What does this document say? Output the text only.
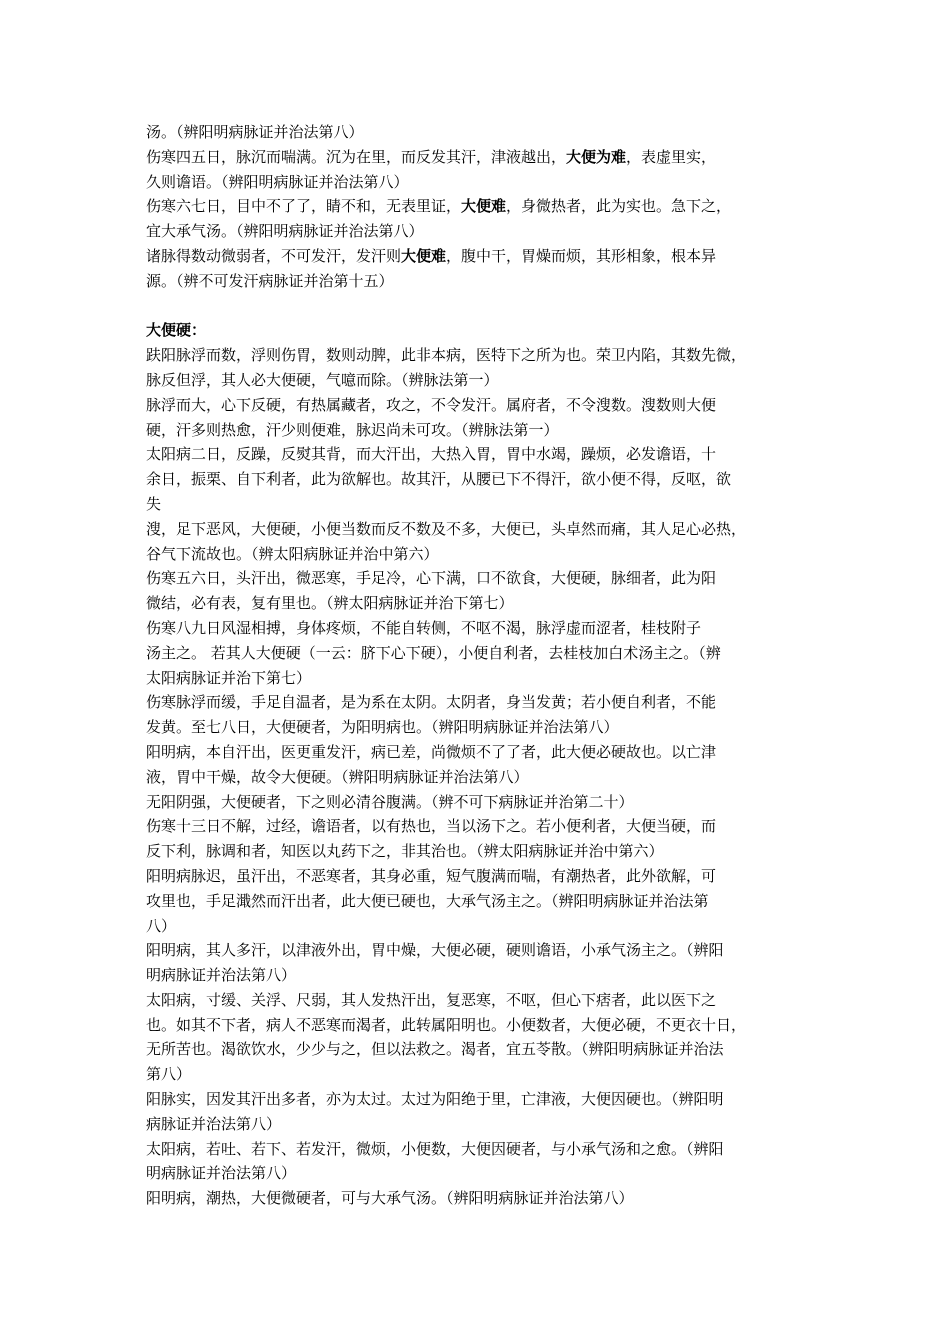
汤。（辨阳明病脉证并治法第八）
伤寒四五日，脉沉而喘满。沉为在里，而反发其汗，津液越出，大便为难，表虚里实，
久则谵语。（辨阳明病脉证并治法第八）
伤寒六七日，目中不了了，睛不和，无表里证，大便难，身微热者，此为实也。急下之，
宜大承气汤。（辨阳明病脉证并治法第八）
诸脉得数动微弱者，不可发汗，发汗则大便难，腹中干，胃燥而烦，其形相象，根本异
源。（辨不可发汗病脉证并治第十五）
大便硬：
趺阳脉浮而数，浮则伤胃，数则动脾，此非本病，医特下之所为也。荣卫内陷，其数先微，
脉反但浮，其人必大便硬，气噫而除。（辨脉法第一）
脉浮而大，心下反硬，有热属藏者，攻之，不令发汗。属府者，不令溲数。溲数则大便
硬，汗多则热愈，汗少则便难，脉迟尚未可攻。（辨脉法第一）
太阳病二日，反躁，反熨其背，而大汗出，大热入胃，胃中水竭，躁烦，必发谵语，十
余日，振栗、自下利者，此为欲解也。故其汗，从腰已下不得汗，欲小便不得，反呕，欲
失
溲，足下恶风，大便硬，小便当数而反不数及不多，大便已，头卓然而痛，其人足心必热，
谷气下流故也。（辨太阳病脉证并治中第六）
伤寒五六日，头汗出，微恶寒，手足冷，心下满，口不欲食，大便硬，脉细者，此为阳
微结，必有表，复有里也。（辨太阳病脉证并治下第七）
伤寒八九日风湿相搏，身体疼烦，不能自转侧，不呕不渴，脉浮虚而涩者，桂枝附子
汤主之。 若其人大便硬（一云：脐下心下硬），小便自利者，去桂枝加白术汤主之。（辨
太阳病脉证并治下第七）
伤寒脉浮而缓，手足自温者，是为系在太阴。太阴者，身当发黄；若小便自利者，不能
发黄。至七八日，大便硬者，为阳明病也。（辨阳明病脉证并治法第八）
阳明病，本自汗出，医更重发汗，病已差，尚微烦不了了者，此大便必硬故也。以亡津
液，胃中干燥，故令大便硬。（辨阳明病脉证并治法第八）
无阳阴强，大便硬者，下之则必清谷腹满。（辨不可下病脉证并治第二十）
伤寒十三日不解，过经，谵语者，以有热也，当以汤下之。若小便利者，大便当硬，而
反下利，脉调和者，知医以丸药下之，非其治也。（辨太阳病脉证并治中第六）
阳明病脉迟，虽汗出，不恶寒者，其身必重，短气腹满而喘，有潮热者，此外欲解，可
攻里也，手足濈然而汗出者，此大便已硬也，大承气汤主之。（辨阳明病脉证并治法第
八）
阳明病，其人多汗，以津液外出，胃中燥，大便必硬，硬则谵语，小承气汤主之。（辨阳
明病脉证并治法第八）
太阳病，寸缓、关浮、尺弱，其人发热汗出，复恶寒，不呕，但心下痞者，此以医下之
也。如其不下者，病人不恶寒而渴者，此转属阳明也。小便数者，大便必硬，不更衣十日，
无所苦也。渴欲饮水，少少与之，但以法救之。渴者，宜五苓散。（辨阳明病脉证并治法
第八）
阳脉实，因发其汗出多者，亦为太过。太过为阳绝于里，亡津液，大便因硬也。（辨阳明
病脉证并治法第八）
太阳病，若吐、若下、若发汗，微烦，小便数，大便因硬者，与小承气汤和之愈。（辨阳
明病脉证并治法第八）
阳明病，潮热，大便微硬者，可与大承气汤。（辨阳明病脉证并治法第八）
